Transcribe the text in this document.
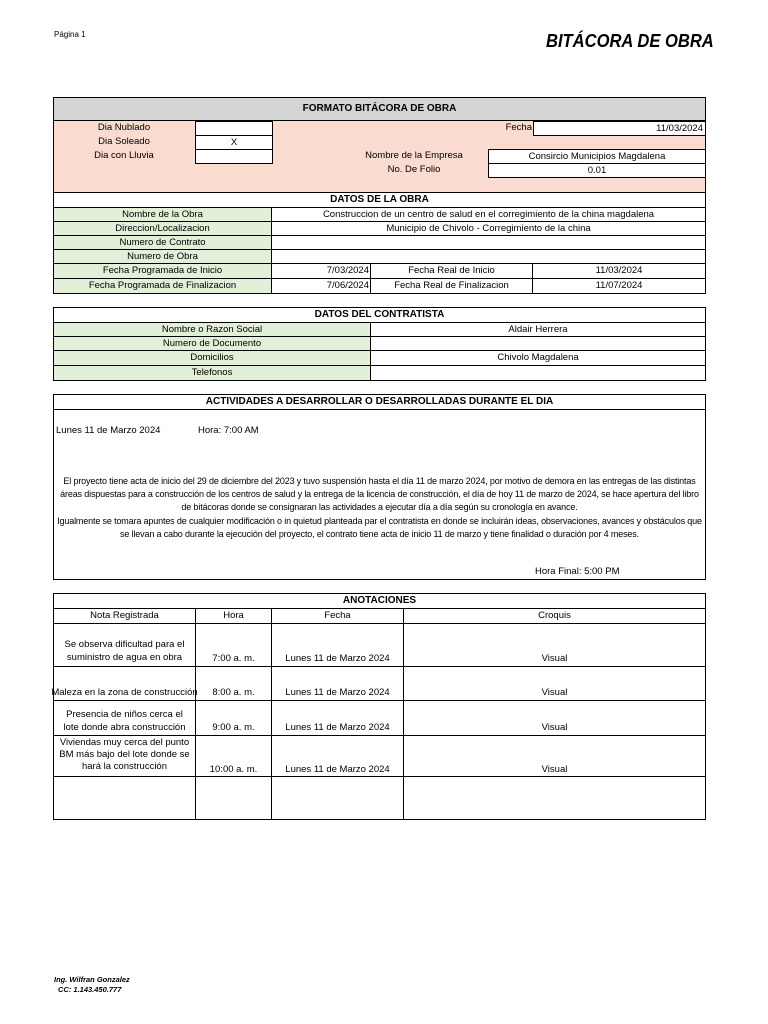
Página 1	BITÁCORA DE OBRA
FORMATO BITÁCORA DE OBRA
Dia Nublado
Dia Soleado	X
Dia con Lluvia
Fecha	11/03/2024
Nombre de la Empresa	Consircio Municipios Magdalena
No. De Folio	0.01
DATOS DE LA OBRA
Nombre de la Obra	Construccion de un centro de salud en el corregimiento de la china magdalena
Direccion/Localizacion	Municipio de Chivolo - Corregimiento de la china
Numero de Contrato
Numero de Obra
Fecha Programada de Inicio	7/03/2024	Fecha Real de Inicio	11/03/2024
Fecha Programada de Finalizacion	7/06/2024	Fecha Real de Finalizacion	11/07/2024
DATOS DEL CONTRATISTA
Nombre o Razon Social	Aldair Herrera
Numero de Documento
Domicilios	Chivolo Magdalena
Telefonos
ACTIVIDADES A DESARROLLAR O DESARROLLADAS DURANTE EL DIA
Lunes 11 de Marzo 2024	Hora: 7:00 AM
El proyecto tiene acta de inicio del 29 de diciembre del 2023 y tuvo suspensión hasta el día 11 de marzo 2024, por motivo de demora en las entregas de las distintas áreas dispuestas para a construcción de los centros de salud y la entrega de la licencia de construcción, el día de hoy 11 de marzo de 2024, se hace apertura del libro de bitácoras donde se consignaran las actividades a ejecutar día a día según su cronología en avance.
Igualmente se tomara apuntes de cualquier modificación o in quietud planteada par el contratista en donde se incluirán ideas, observaciones, avances y obstáculos que se llevan a cabo durante la ejecución del proyecto, el contrato tiene acta de inicio 11 de marzo y tiene finalidad o duración por 4 meses.
Hora Final: 5:00 PM
ANOTACIONES
Nota Registrada	Hora	Fecha	Croquis
Se observa dificultad para el suministro de agua en obra	7:00 a. m.	Lunes 11 de Marzo 2024	Visual
Maleza en la zona de construcción	8:00 a. m.	Lunes 11 de Marzo 2024	Visual
Presencia de niños cerca el lote donde abra construcción	9:00 a. m.	Lunes 11 de Marzo 2024	Visual
Viviendas muy cerca del punto BM más bajo del lote donde se hará la construcción	10:00 a. m.	Lunes 11 de Marzo 2024	Visual
Ing. Wilfran Gonzalez
CC: 1.143.450.777
